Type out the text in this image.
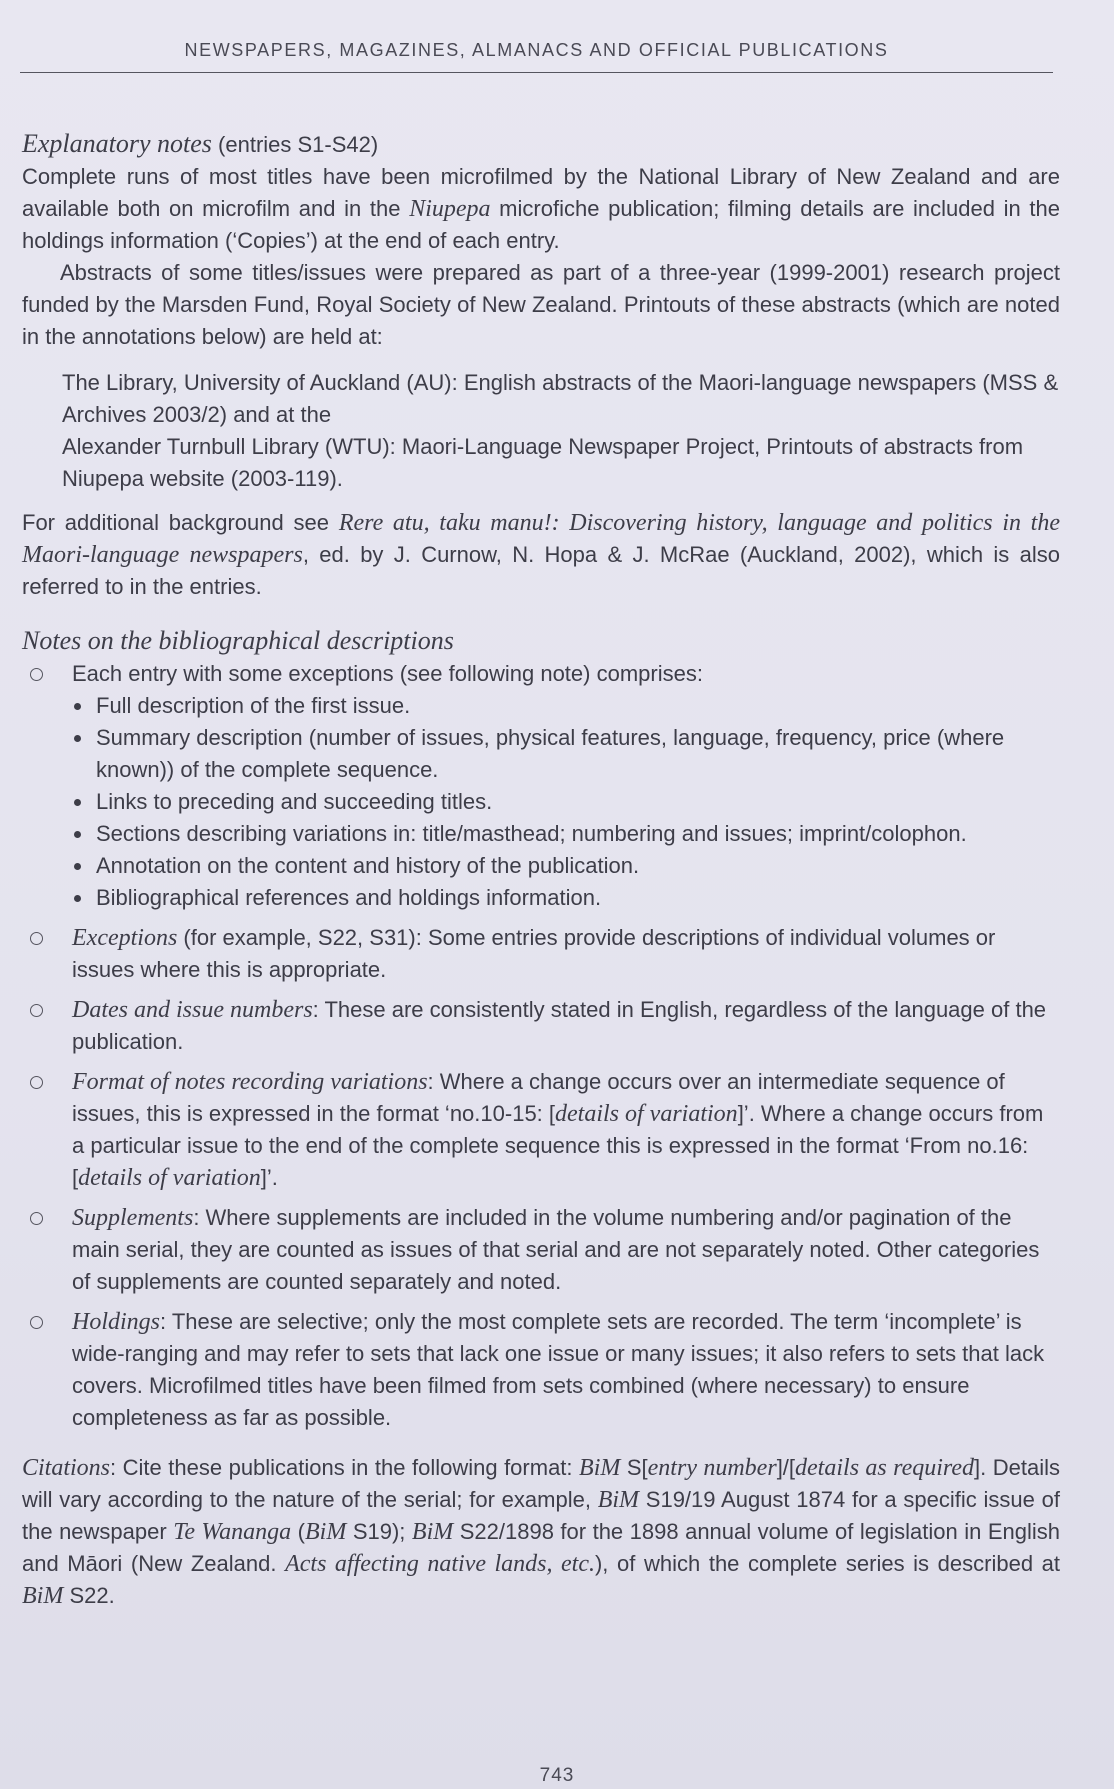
NEWSPAPERS, MAGAZINES, ALMANACS AND OFFICIAL PUBLICATIONS

Explanatory notes (entries S1-S42)

Complete runs of most titles have been microfilmed by the National Library of New Zealand and are available both on microfilm and in the Niupepa microfiche publication; filming details are included in the holdings information (‘Copies’) at the end of each entry.

Abstracts of some titles/issues were prepared as part of a three-year (1999-2001) research project funded by the Marsden Fund, Royal Society of New Zealand. Printouts of these abstracts (which are noted in the annotations below) are held at:

The Library, University of Auckland (AU): English abstracts of the Maori-language newspapers (MSS & Archives 2003/2) and at the

Alexander Turnbull Library (WTU): Maori-Language Newspaper Project, Printouts of abstracts from Niupepa website (2003-119).

For additional background see Rere atu, taku manu!: Discovering history, language and politics in the Maori-language newspapers, ed. by J. Curnow, N. Hopa & J. McRae (Auckland, 2002), which is also referred to in the entries.

Notes on the bibliographical descriptions

Each entry with some exceptions (see following note) comprises:
Full description of the first issue.
Summary description (number of issues, physical features, language, frequency, price (where known)) of the complete sequence.
Links to preceding and succeeding titles.
Sections describing variations in: title/masthead; numbering and issues; imprint/colophon.
Annotation on the content and history of the publication.
Bibliographical references and holdings information.
Exceptions (for example, S22, S31): Some entries provide descriptions of individual volumes or issues where this is appropriate.
Dates and issue numbers: These are consistently stated in English, regardless of the language of the publication.
Format of notes recording variations: Where a change occurs over an intermediate sequence of issues, this is expressed in the format ‘no.10-15: [details of variation]’. Where a change occurs from a particular issue to the end of the complete sequence this is expressed in the format ‘From no.16: [details of variation]’.
Supplements: Where supplements are included in the volume numbering and/or pagination of the main serial, they are counted as issues of that serial and are not separately noted. Other categories of supplements are counted separately and noted.
Holdings: These are selective; only the most complete sets are recorded. The term ‘incomplete’ is wide-ranging and may refer to sets that lack one issue or many issues; it also refers to sets that lack covers. Microfilmed titles have been filmed from sets combined (where necessary) to ensure completeness as far as possible.

Citations: Cite these publications in the following format: BiM S[entry number]/[details as required]. Details will vary according to the nature of the serial; for example, BiM S19/19 August 1874 for a specific issue of the newspaper Te Wananga (BiM S19); BiM S22/1898 for the 1898 annual volume of legislation in English and Māori (New Zealand. Acts affecting native lands, etc.), of which the complete series is described at BiM S22.

743
